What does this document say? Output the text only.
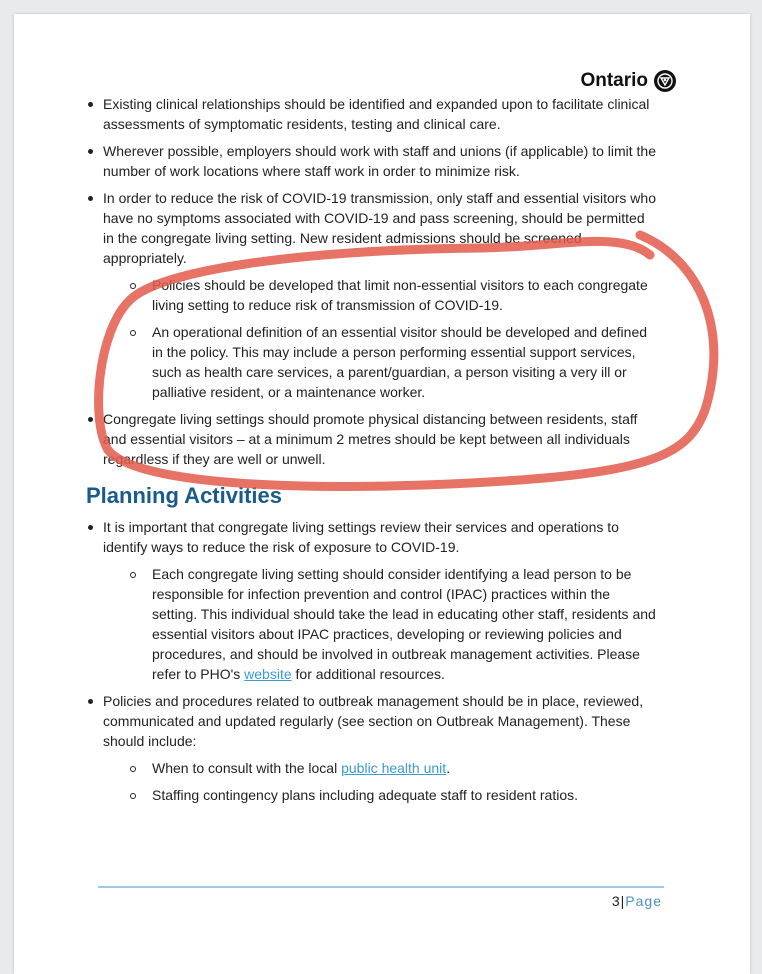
Ontario
Existing clinical relationships should be identified and expanded upon to facilitate clinical assessments of symptomatic residents, testing and clinical care.
Wherever possible, employers should work with staff and unions (if applicable) to limit the number of work locations where staff work in order to minimize risk.
In order to reduce the risk of COVID-19 transmission, only staff and essential visitors who have no symptoms associated with COVID-19 and pass screening, should be permitted in the congregate living setting. New resident admissions should be screened appropriately.
Policies should be developed that limit non-essential visitors to each congregate living setting to reduce risk of transmission of COVID-19.
An operational definition of an essential visitor should be developed and defined in the policy. This may include a person performing essential support services, such as health care services, a parent/guardian, a person visiting a very ill or palliative resident, or a maintenance worker.
Congregate living settings should promote physical distancing between residents, staff and essential visitors – at a minimum 2 metres should be kept between all individuals regardless if they are well or unwell.
Planning Activities
It is important that congregate living settings review their services and operations to identify ways to reduce the risk of exposure to COVID-19.
Each congregate living setting should consider identifying a lead person to be responsible for infection prevention and control (IPAC) practices within the setting. This individual should take the lead in educating other staff, residents and essential visitors about IPAC practices, developing or reviewing policies and procedures, and should be involved in outbreak management activities. Please refer to PHO's website for additional resources.
Policies and procedures related to outbreak management should be in place, reviewed, communicated and updated regularly (see section on Outbreak Management). These should include:
When to consult with the local public health unit.
Staffing contingency plans including adequate staff to resident ratios.
3|Page
